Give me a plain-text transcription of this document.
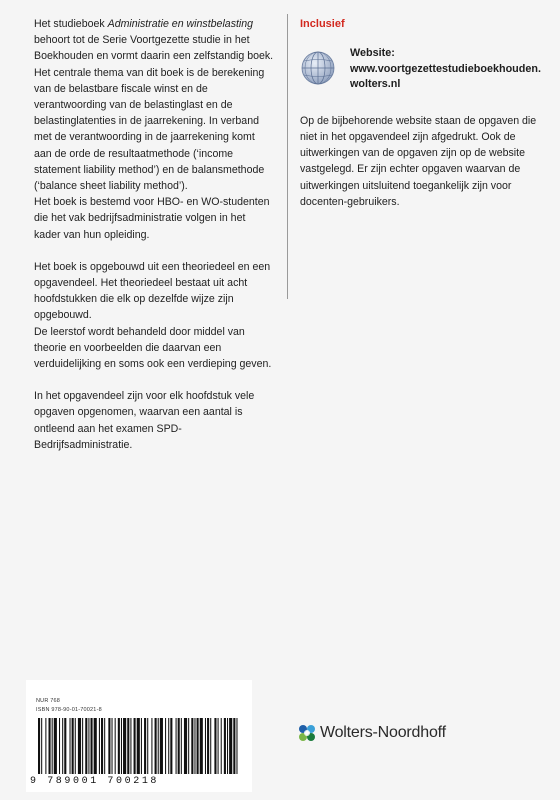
Het studieboek Administratie en winstbelasting behoort tot de Serie Voortgezette studie in het Boekhouden en vormt daarin een zelfstandig boek. Het centrale thema van dit boek is de berekening van de belastbare fiscale winst en de verantwoording van de belastinglast en de belastinglatenties in de jaarrekening. In verband met de verantwoording in de jaarrekening komt aan de orde de resultaatmethode (‘income statement liability method’) en de balansmethode (‘balance sheet liability method’).
Het boek is bestemd voor HBO- en WO-studenten die het vak bedrijfsadministratie volgen in het kader van hun opleiding.

Het boek is opgebouwd uit een theoriedeel en een opgavendeel. Het theoriedeel bestaat uit acht hoofdstukken die elk op dezelfde wijze zijn opgebouwd.

De leerstof wordt behandeld door middel van theorie en voorbeelden die daarvan een verduidelijking en soms ook een verdieping geven.

In het opgavendeel zijn voor elk hoofdstuk vele opgaven opgenomen, waarvan een aantal is ontleend aan het examen SPD-Bedrijfsadministratie.

Inclusief
Website:
www.voortgezettestudieboekhouden.
wolters.nl
Op de bijbehorende website staan de opgaven die niet in het opgavendeel zijn afgedrukt. Ook de uitwerkingen van de opgaven zijn op de website vastgelegd. Er zijn echter opgaven waarvan de uitwerkingen uitsluitend toegankelijk zijn voor docenten-gebruikers.
NUR 768
ISBN 978-90-01-70021-8
9 789001 700218
Wolters-Noordhoff
